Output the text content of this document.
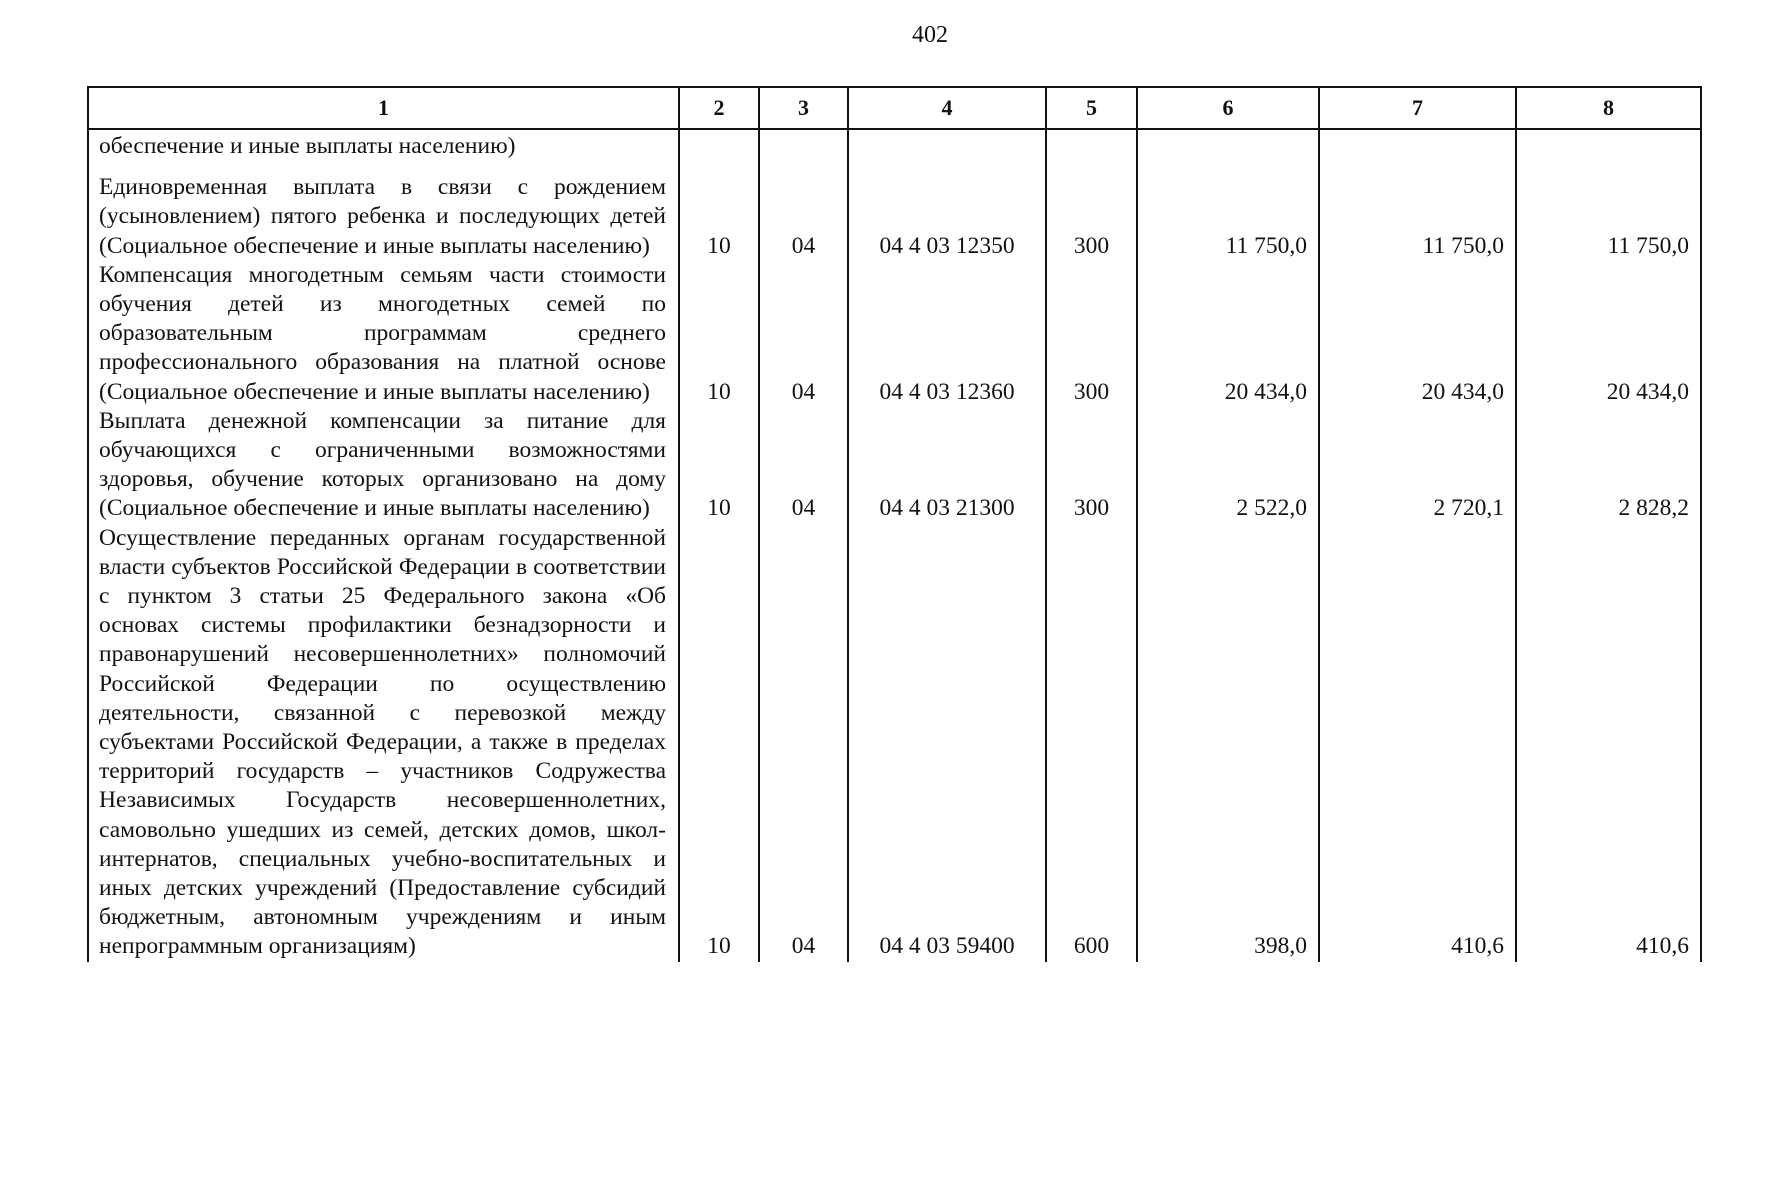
402
1	2	3	4	5	6	7	8
обеспечение и иные выплаты населению)							

Единовременная выплата в связи с рождением (усыновлением) пятого ребенка и последующих детей (Социальное обеспечение и иные выплаты населению)	10	04	04 4 03 12350	300	11 750,0	11 750,0	11 750,0
Компенсация многодетным семьям части стоимости обучения детей из многодетных семей по образовательным программам среднего профессионального образования на платной основе (Социальное обеспечение и иные выплаты населению)	10	04	04 4 03 12360	300	20 434,0	20 434,0	20 434,0
Выплата денежной компенсации за питание для обучающихся с ограниченными возможностями здоровья, обучение которых организовано на дому (Социальное обеспечение и иные выплаты населению)	10	04	04 4 03 21300	300	2 522,0	2 720,1	2 828,2
Осуществление переданных органам государственной власти субъектов Российской Федерации в соответствии с пунктом 3 статьи 25 Федерального закона «Об основах системы профилактики безнадзорности и правонарушений несовершеннолетних» полномочий Российской Федерации по осуществлению деятельности, связанной с перевозкой между субъектами Российской Федерации, а также в пределах территорий государств – участников Содружества Независимых Государств несовершеннолетних, самовольно ушедших из семей, детских домов, школ-интернатов, специальных учебно-воспитательных и иных детских учреждений (Предоставление субсидий бюджетным, автономным учреждениям и иным непрограммным организациям)	10	04	04 4 03 59400	600	398,0	410,6	410,6
